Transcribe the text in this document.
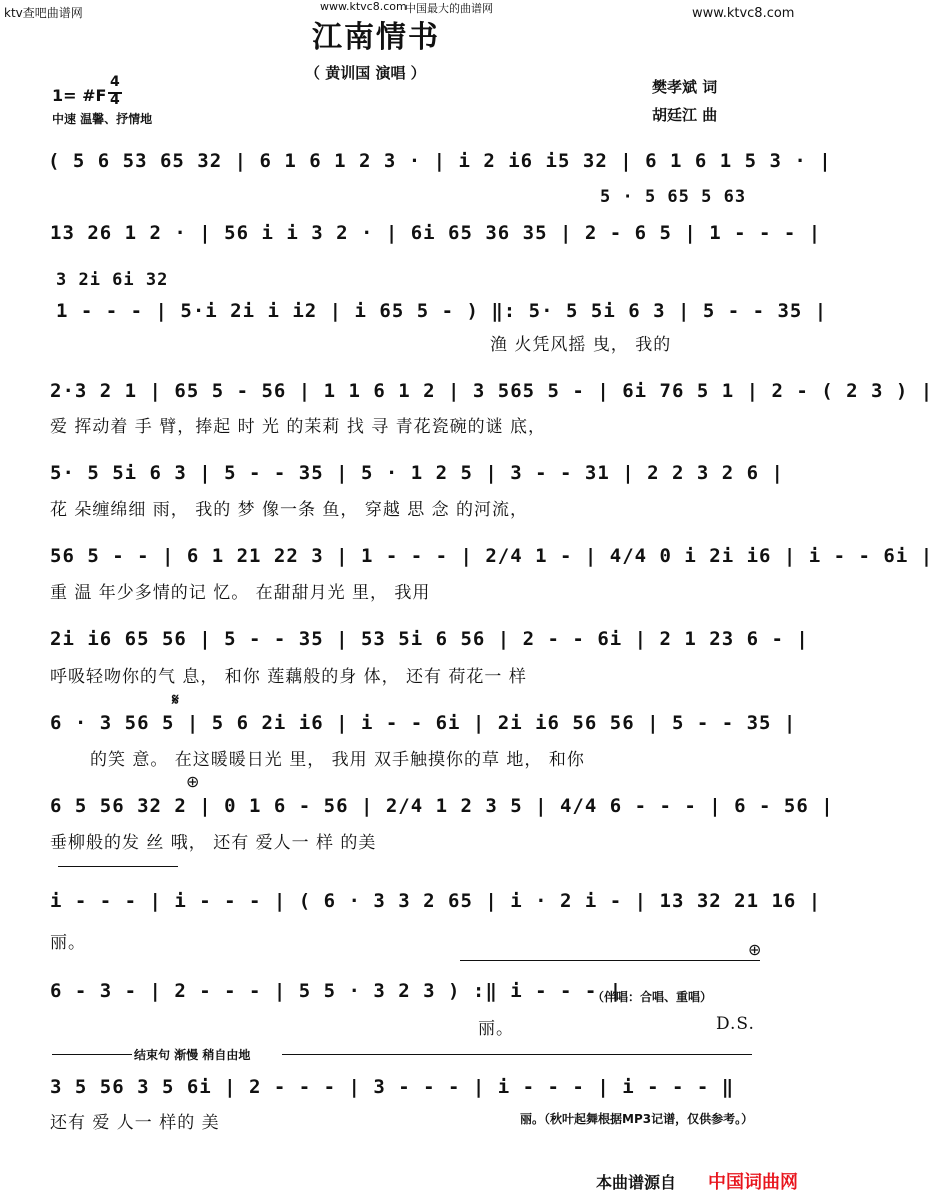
ktv查吧曲谱网	www.ktvc8.com
中国最大的曲谱网	www.ktvc8.com
江南情书
（ 黄训国 演唱 ）
1= #F
4
4
中速 温馨、抒情地
樊孝斌 词
胡廷江 曲
( 5 6 53 65 32 | 6 1 6 1 2 3 · | i 2 i6 i5 32 | 6 1 6 1 5 3 · |
5 · 5 65 5 63
13 26 1 2 · | 56 i i 3 2 · | 6i 65 36 35 | 2 - 6 5 | 1 - - - |
3 2i 6i 32
1 - - - | 5·i 2i i i2 | i 65 5 - ) ‖: 5· 5 5i 6 3 | 5 - - 35 |
渔 火凭风摇 曳， 我的
2·3 2 1 | 65 5 - 56 | 1 1 6 1 2 | 3 565 5 - | 6i 76 5 1 | 2 - ( 2 3 ) |
爱 挥动着 手 臂，捧起 时 光 的茉莉 找 寻 青花瓷碗的谜 底，
5· 5 5i 6 3 | 5 - - 35 | 5 · 1 2 5 | 3 - - 31 | 2 2 3 2 6 |
花 朵缠绵细 雨， 我的 梦 像一条 鱼， 穿越 思 念 的河流，
56 5 - - | 6 1 21 22 3 | 1 - - - | 2/4 1 - | 4/4 0 i 2i i6 | i - - 6i |
重 温 年少多情的记 忆。 在甜甜月光 里， 我用
2i i6 65 56 | 5 - - 35 | 53 5i 6 56 | 2 - - 6i | 2 1 23 6 - |
呼吸轻吻你的气 息， 和你 莲藕般的身 体， 还有 荷花一 样
𝄋
6 · 3 56 5 | 5 6 2i i6 | i - - 6i | 2i i6 56 56 | 5 - - 35 |
的笑 意。 在这暖暖日光 里， 我用 双手触摸你的草 地， 和你
⊕
6 5 56 32 2 | 0 1 6 - 56 | 2/4 1 2 3 5 | 4/4 6 - - - | 6 - 56 |
垂柳般的发 丝 哦， 还有 爱人一 样 的美
i - - - | i - - - | ( 6 · 3 3 2 65 | i · 2 i - | 13 32 21 16 |
丽。	⊕
6 - 3 - | 2 - - - | 5 5 · 3 2 3 ) :‖ i - - - |
（伴唱：合唱、重唱）
丽。	D.S.
结束句 渐慢 稍自由地
3 5 56 3 5 6i | 2 - - - | 3 - - - | i - - - | i - - - ‖
还有 爱 人一 样的 美	丽。（秋叶起舞根据MP3记谱，仅供参考。）
本曲谱源自 中国词曲网
